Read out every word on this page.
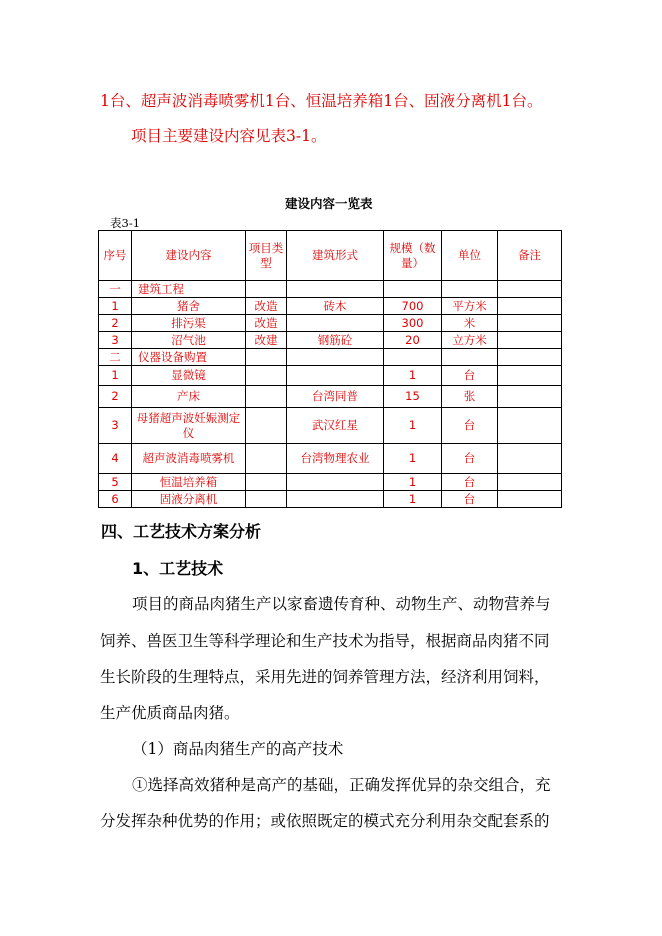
1台、超声波消毒喷雾机1台、恒温培养箱1台、固液分离机1台。
项目主要建设内容见表3-1。
建设内容一览表
表3-1
序号	建设内容	项目类型	建筑形式	规模（数量）	单位	备注
一	建筑工程					
1	猪舍	改造	砖木	700	平方米	
2	排污渠	改造		300	米	
3	沼气池	改建	钢筋砼	20	立方米	
二	仪器设备购置					
1	显微镜			1	台	
2	产床		台湾同普	15	张	
3	母猪超声波妊娠测定仪		武汉红星	1	台	
4	超声波消毒喷雾机		台湾物理农业	1	台	
5	恒温培养箱			1	台	
6	固液分离机			1	台	
四、工艺技术方案分析
1、工艺技术
项目的商品肉猪生产以家畜遗传育种、动物生产、动物营养与
饲养、兽医卫生等科学理论和生产技术为指导，根据商品肉猪不同
生长阶段的生理特点，采用先进的饲养管理方法，经济利用饲料，
生产优质商品肉猪。
（1）商品肉猪生产的高产技术
①选择高效猪种是高产的基础，正确发挥优异的杂交组合，充
分发挥杂种优势的作用；或依照既定的模式充分利用杂交配套系的
